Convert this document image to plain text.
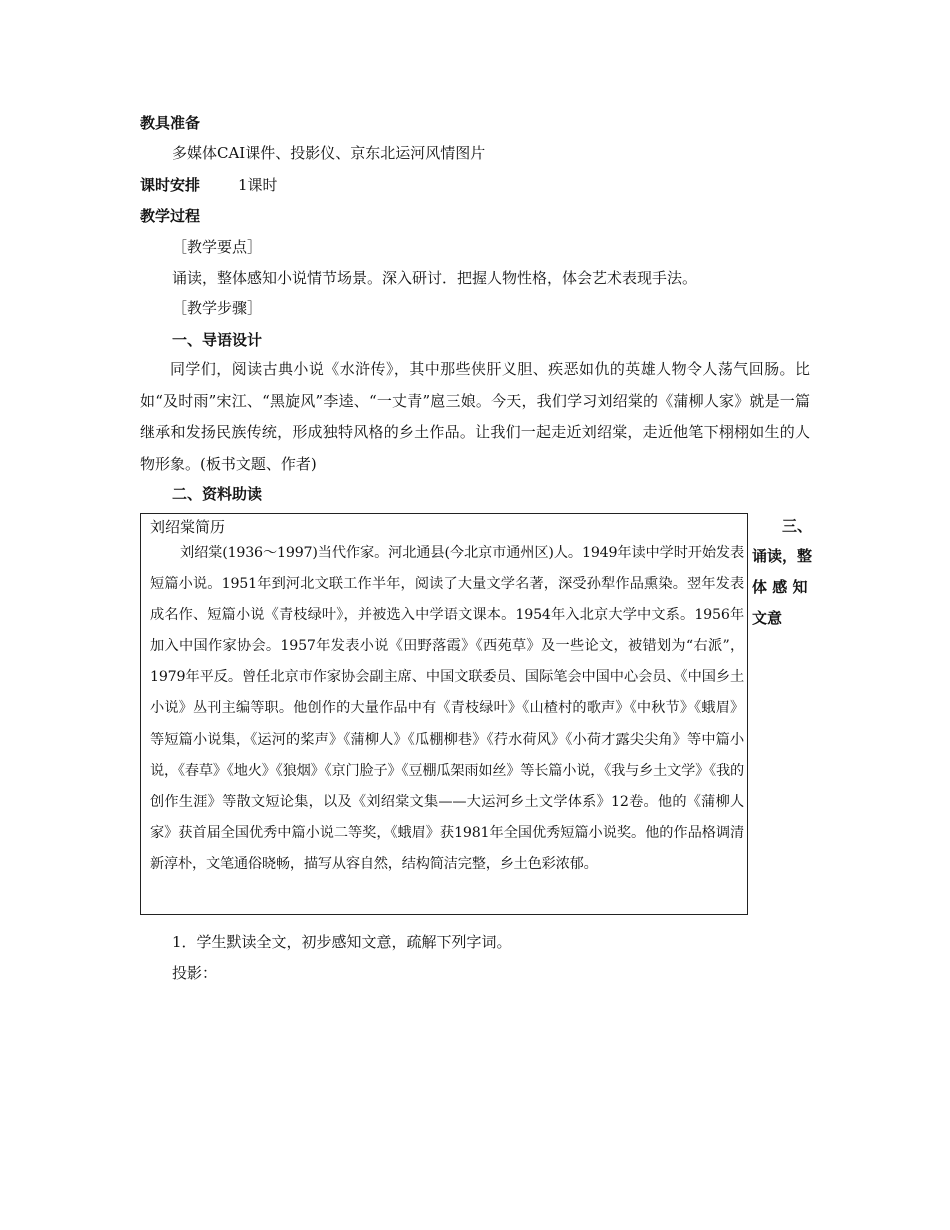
教具准备
多媒体CAI课件、投影仪、京东北运河风情图片
课时安排	1课时
教学过程
［教学要点］
诵读，整体感知小说情节场景。深入研讨．把握人物性格，体会艺术表现手法。
［教学步骤］
一、导语设计
同学们，阅读古典小说《水浒传》，其中那些侠肝义胆、疾恶如仇的英雄人物令人荡气回肠。比如“及时雨”宋江、“黑旋风”李逵、“一丈青”扈三娘。今天，我们学习刘绍棠的《蒲柳人家》就是一篇继承和发扬民族传统，形成独特风格的乡土作品。让我们一起走近刘绍棠，走近他笔下栩栩如生的人物形象。(板书文题、作者)
二、资料助读
刘绍棠简历
刘绍棠(1936～1997)当代作家。河北通县(今北京市通州区)人。1949年读中学时开始发表短篇小说。1951年到河北文联工作半年，阅读了大量文学名著，深受孙犁作品熏染。翌年发表成名作、短篇小说《青枝绿叶》，并被选入中学语文课本。1954年入北京大学中文系。1956年加入中国作家协会。1957年发表小说《田野落霞》《西苑草》及一些论文，被错划为“右派”，1979年平反。曾任北京市作家协会副主席、中国文联委员、国际笔会中国中心会员、《中国乡土小说》丛刊主编等职。他创作的大量作品中有《青枝绿叶》《山楂村的歌声》《中秋节》《蛾眉》等短篇小说集，《运河的桨声》《蒲柳人》《瓜棚柳巷》《荇水荷风》《小荷才露尖尖角》等中篇小说，《春草》《地火》《狼烟》《京门脸子》《豆棚瓜架雨如丝》等长篇小说，《我与乡土文学》《我的创作生涯》等散文短论集，以及《刘绍棠文集——大运河乡土文学体系》12卷。他的《蒲柳人家》获首届全国优秀中篇小说二等奖，《蛾眉》获1981年全国优秀短篇小说奖。他的作品格调清新淳朴，文笔通俗晓畅，描写从容自然，结构简洁完整，乡土色彩浓郁。
三、
诵读，整
体 感 知
文意
1．学生默读全文，初步感知文意，疏解下列字词。
投影：
